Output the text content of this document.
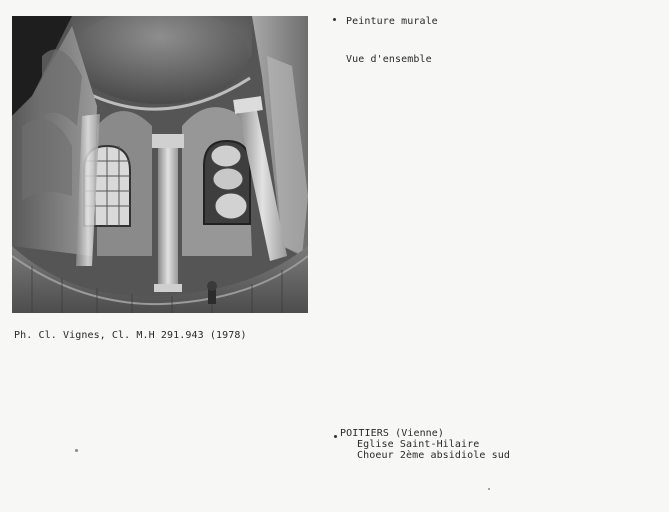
Peinture murale
Vue d'ensemble
Ph. Cl. Vignes, Cl. M.H 291.943 (1978)
POITIERS (Vienne)
Eglise Saint-Hilaire
Choeur 2ème absidiole sud
